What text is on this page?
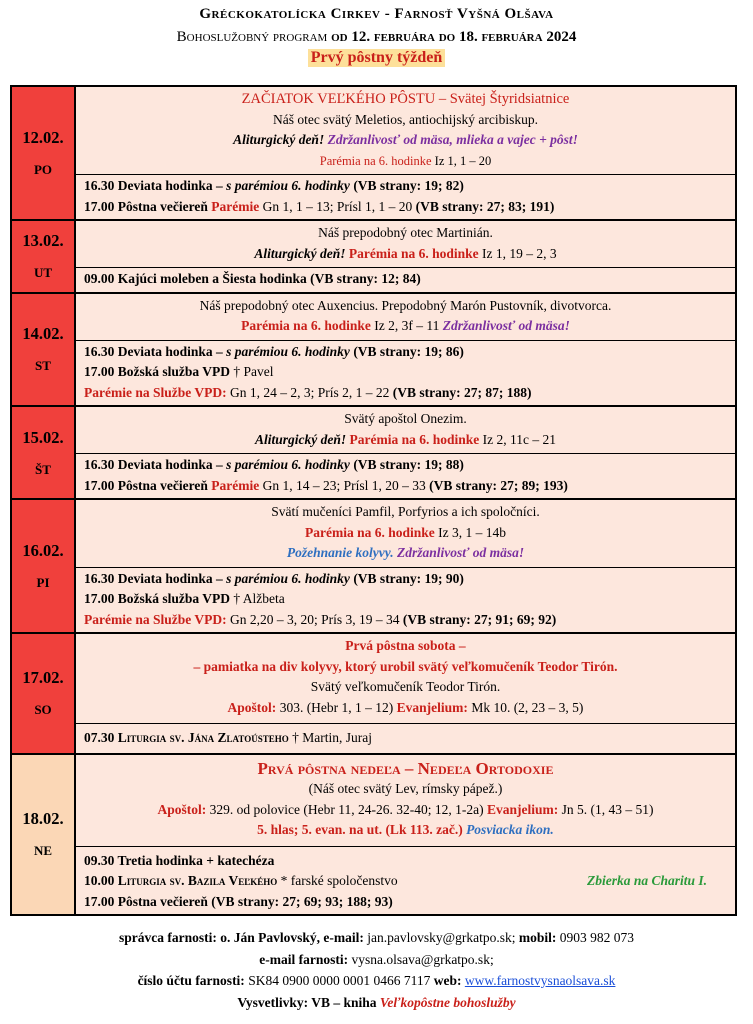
Gréckokatolícka Cirkev - Farnosť Vyšná Olšava
Bohoslužobný program od 12. februára do 18. februára 2024
Prvý pôstny týždeň
12.02.
PO
ZAČIATOK VEĽKÉHO PÔSTU – Svätej Štyridsiatnice
Náš otec svätý Meletios, antiochijský arcibiskup.
Aliturgický deň! Zdržanlivosť od mäsa, mlieka a vajec + pôst!
Parémia na 6. hodinke Iz 1, 1 – 20
16.30 Deviata hodinka – s parémiou 6. hodinky (VB strany: 19; 82)
17.00 Pôstna večiereň Parémie Gn 1, 1 – 13; Prísl 1, 1 – 20 (VB strany: 27; 83; 191)
13.02.
UT
Náš prepodobný otec Martinián.
Aliturgický deň! Parémia na 6. hodinke Iz 1, 19 – 2, 3
09.00 Kajúci moleben a Šiesta hodinka (VB strany: 12; 84)
14.02.
ST
Náš prepodobný otec Auxencius. Prepodobný Marón Pustovník, divotvorca.
Parémia na 6. hodinke Iz 2, 3f – 11 Zdržanlivosť od mäsa!
16.30 Deviata hodinka – s parémiou 6. hodinky (VB strany: 19; 86)
17.00 Božská služba VPD † Pavel
Parémie na Službe VPD: Gn 1, 24 – 2, 3; Prís 2, 1 – 22 (VB strany: 27; 87; 188)
15.02.
ŠT
Svätý apoštol Onezim.
Aliturgický deň! Parémia na 6. hodinke Iz 2, 11c – 21
16.30 Deviata hodinka – s parémiou 6. hodinky (VB strany: 19; 88)
17.00 Pôstna večiereň Parémie Gn 1, 14 – 23; Prísl 1, 20 – 33 (VB strany: 27; 89; 193)
16.02.
PI
Svätí mučeníci Pamfil, Porfyrios a ich spoločníci.
Parémia na 6. hodinke Iz 3, 1 – 14b
Požehnanie kolyvy. Zdržanlivosť od mäsa!
16.30 Deviata hodinka – s parémiou 6. hodinky (VB strany: 19; 90)
17.00 Božská služba VPD † Alžbeta
Parémie na Službe VPD: Gn 2,20 – 3, 20; Prís 3, 19 – 34 (VB strany: 27; 91; 69; 92)
17.02.
SO
Prvá pôstna sobota –
– pamiatka na div kolyvy, ktorý urobil svätý veľkomučeník Teodor Tirón.
Svätý veľkomučeník Teodor Tirón.
Apoštol: 303. (Hebr 1, 1 – 12) Evanjelium: Mk 10. (2, 23 – 3, 5)
07.30 Liturgia sv. Jána Zlatoústeho † Martin, Juraj
18.02.
NE
Prvá pôstna nedeľa – Nedeľa Ortodoxie
(Náš otec svätý Lev, rímsky pápež.)
Apoštol: 329. od polovice (Hebr 11, 24-26. 32-40; 12, 1-2a) Evanjelium: Jn 5. (1, 43 – 51)
5. hlas; 5. evan. na ut. (Lk 113. zač.) Posviacka ikon.
09.30 Tretia hodinka + katechéza
10.00 Liturgia sv. Bazila Veľkého * farské spoločenstvo	Zbierka na Charitu I.
17.00 Pôstna večiereň (VB strany: 27; 69; 93; 188; 93)
správca farnosti: o. Ján Pavlovský, e-mail: jan.pavlovsky@grkatpo.sk; mobil: 0903 982 073
e-mail farnosti: vysna.olsava@grkatpo.sk;
číslo účtu farnosti: SK84 0900 0000 0001 0466 7117 web: www.farnostvysnaolsava.sk
Vysvetlivky: VB – kniha Veľkopôstne bohoslužby
